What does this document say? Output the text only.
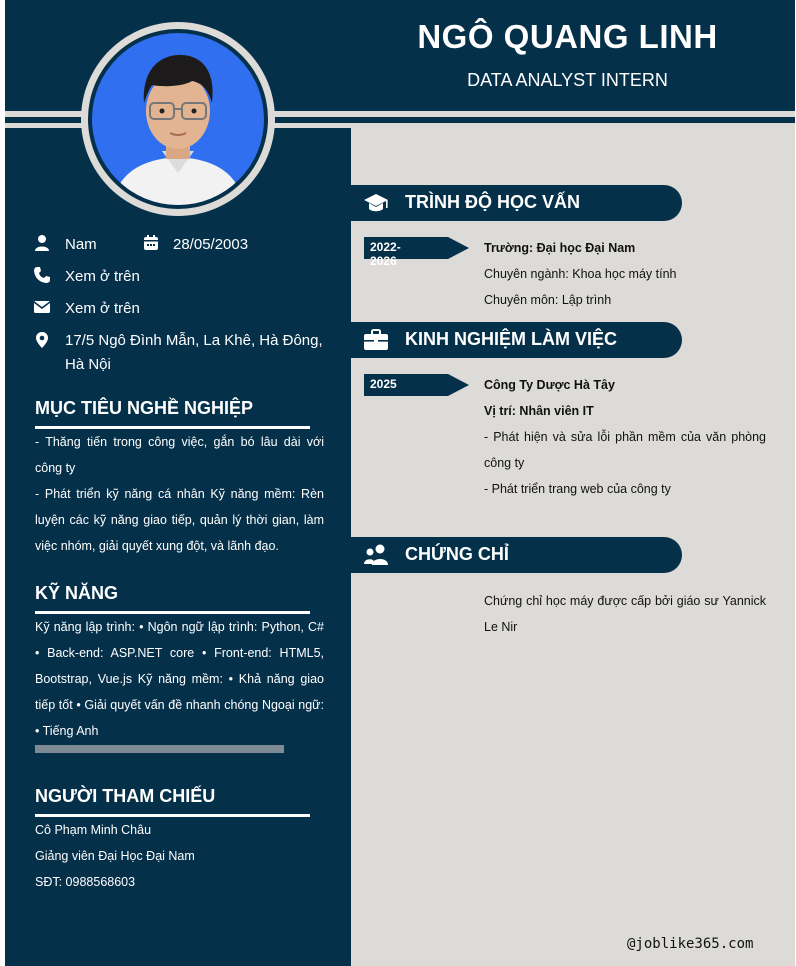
NGÔ QUANG LINH
DATA ANALYST INTERN
Nam	28/05/2003
Xem ở trên
Xem ở trên
17/5 Ngô Đình Mẫn, La Khê, Hà Đông,
Hà Nội
MỤC TIÊU NGHỀ NGHIỆP

- Thăng tiến trong công việc, gắn bó lâu dài với công ty

- Phát triển kỹ năng cá nhân Kỹ năng mềm: Rèn luyện các kỹ năng giao tiếp, quản lý thời gian, làm việc nhóm, giải quyết xung đột, và lãnh đạo.

KỸ NĂNG
Kỹ năng lập trình: • Ngôn ngữ lập trình: Python, C# • Back-end: ASP.NET core • Front-end: HTML5, Bootstrap, Vue.js Kỹ năng mềm: • Khả năng giao tiếp tốt • Giải quyết vấn đề nhanh chóng Ngoại ngữ: • Tiếng Anh
NGƯỜI THAM CHIẾU
Cô Phạm Minh Châu
Giảng viên Đại Học Đại Nam
SĐT: 0988568603
TRÌNH ĐỘ HỌC VẤN
2022-2026
Trường: Đại học Đại Nam
Chuyên ngành: Khoa học máy tính
Chuyên môn: Lập trình
KINH NGHIỆM LÀM VIỆC
2025	Công Ty Dược Hà Tây
Vị trí: Nhân viên IT

- Phát hiện và sửa lỗi phần mềm của văn phòng công ty

- Phát triển trang web của công ty

CHỨNG CHỈ
Chứng chỉ học máy được cấp bởi giáo sư Yannick Le Nir
@joblike365.com
